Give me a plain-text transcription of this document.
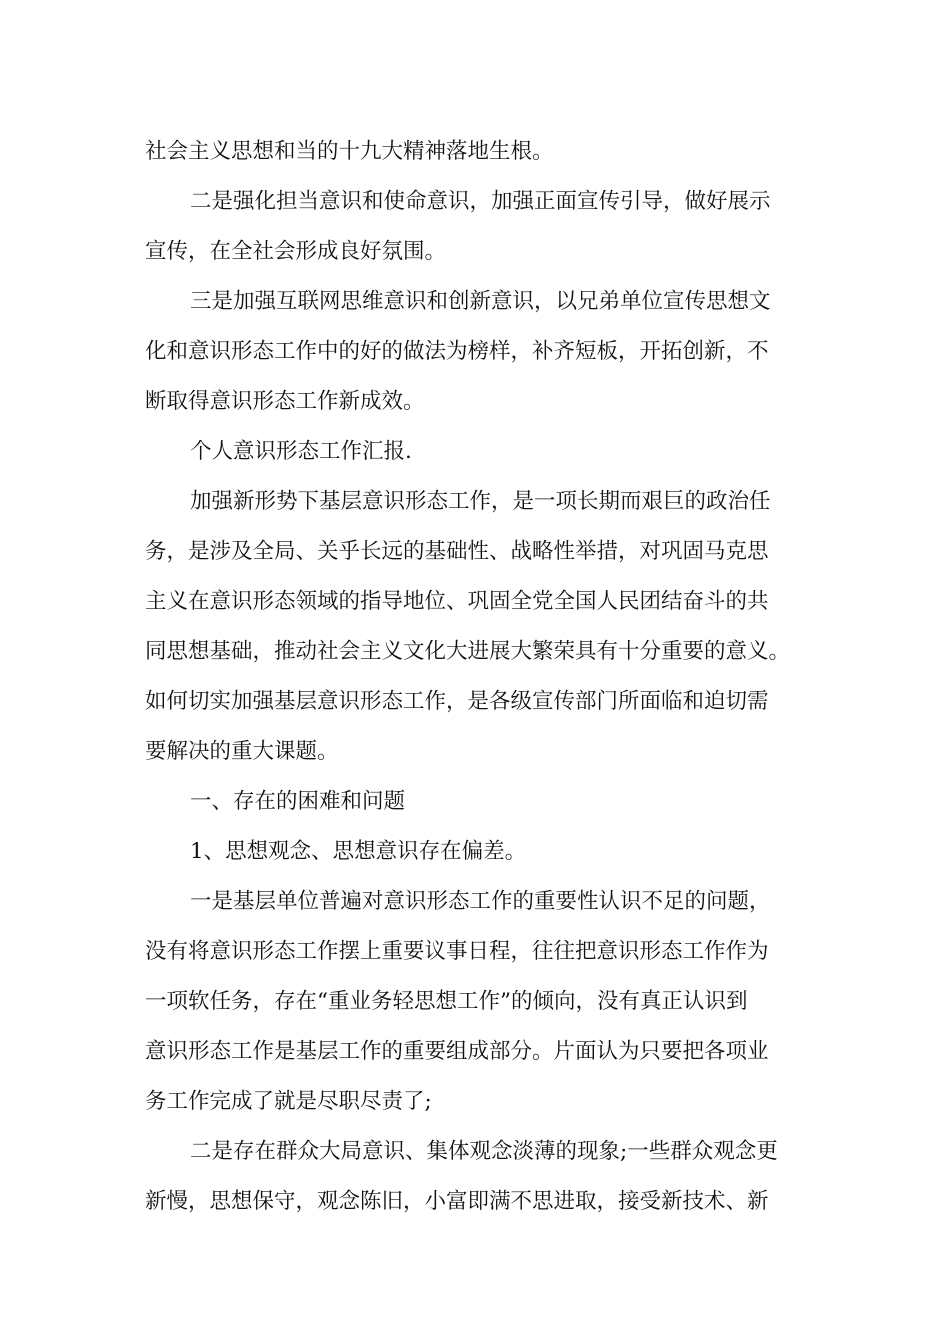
社会主义思想和当的十九大精神落地生根。
二是强化担当意识和使命意识，加强正面宣传引导，做好展示
宣传，在全社会形成良好氛围。
三是加强互联网思维意识和创新意识，以兄弟单位宣传思想文
化和意识形态工作中的好的做法为榜样，补齐短板，开拓创新，不
断取得意识形态工作新成效。
个人意识形态工作汇报.
加强新形势下基层意识形态工作，是一项长期而艰巨的政治任
务，是涉及全局、关乎长远的基础性、战略性举措，对巩固马克思
主义在意识形态领域的指导地位、巩固全党全国人民团结奋斗的共
同思想基础，推动社会主义文化大进展大繁荣具有十分重要的意义。
如何切实加强基层意识形态工作，是各级宣传部门所面临和迫切需
要解决的重大课题。
一、存在的困难和问题
1、思想观念、思想意识存在偏差。
一是基层单位普遍对意识形态工作的重要性认识不足的问题，
没有将意识形态工作摆上重要议事日程，往往把意识形态工作作为
一项软任务，存在“重业务轻思想工作”的倾向，没有真正认识到
意识形态工作是基层工作的重要组成部分。片面认为只要把各项业
务工作完成了就是尽职尽责了;
二是存在群众大局意识、集体观念淡薄的现象;一些群众观念更
新慢，思想保守，观念陈旧，小富即满不思进取，接受新技术、新
